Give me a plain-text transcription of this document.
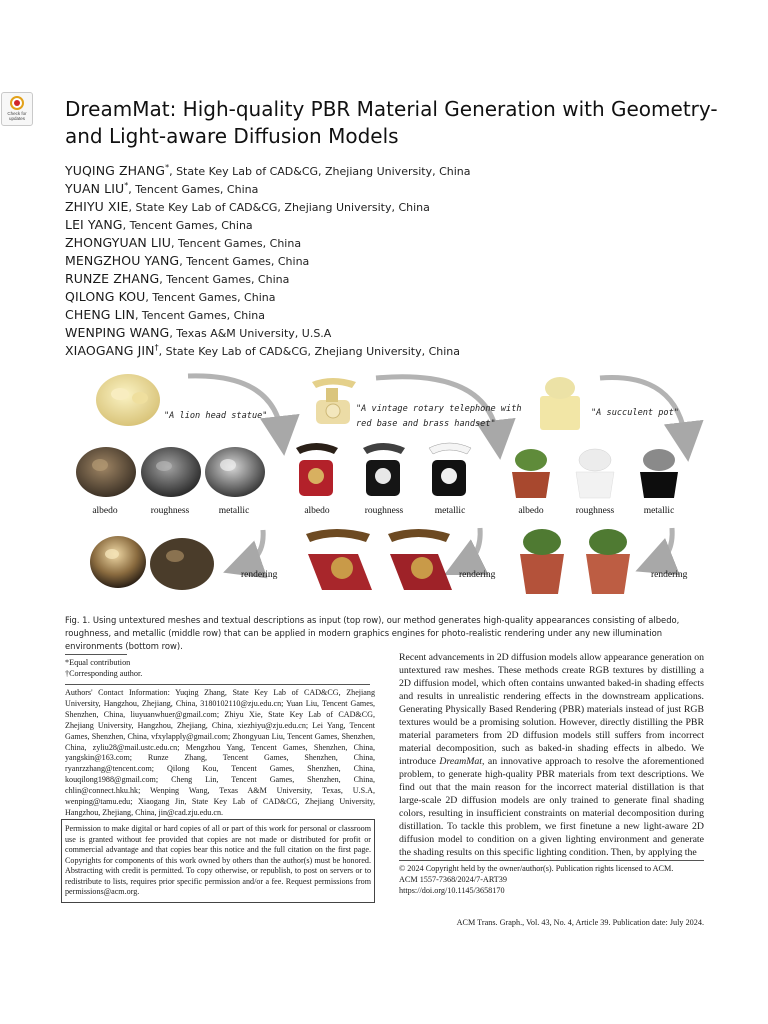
Check for
updates DreamMat: High-quality PBR Material Generation with Geometry- and Light-aware Diffusion Models
YUQING ZHANG*, State Key Lab of CAD&CG, Zhejiang University, China
YUAN LIU*, Tencent Games, China
ZHIYU XIE, State Key Lab of CAD&CG, Zhejiang University, China
LEI YANG, Tencent Games, China
ZHONGYUAN LIU, Tencent Games, China
MENGZHOU YANG, Tencent Games, China
RUNZE ZHANG, Tencent Games, China
QILONG KOU, Tencent Games, China
CHENG LIN, Tencent Games, China
WENPING WANG, Texas A&M University, U.S.A
XIAOGANG JIN†, State Key Lab of CAD&CG, Zhejiang University, China
"A lion head statue"
"A vintage rotary telephone with
red base and brass handset"
"A succulent pot"
albedo	roughness	metallic	albedo	roughness	metallic	albedo	roughness	metallic
rendering	rendering	rendering

Fig. 1. Using untextured meshes and textual descriptions as input (top row), our method generates high-quality appearances consisting of albedo, roughness, and metallic (middle row) that can be applied in modern graphics engines for photo-realistic rendering under any new illumination environments (bottom row).

*Equal contribution
†Corresponding author.

Authors' Contact Information: Yuqing Zhang, State Key Lab of CAD&CG, Zhejiang University, Hangzhou, Zhejiang, China, 3180102110@zju.edu.cn; Yuan Liu, Tencent Games, Shenzhen, China, liuyuanwhuer@gmail.com; Zhiyu Xie, State Key Lab of CAD&CG, Zhejiang University, Hangzhou, Zhejiang, China, xiezhiyu@zju.edu.cn; Lei Yang, Tencent Games, Shenzhen, China, vfxylapply@gmail.com; Zhongyuan Liu, Tencent Games, Shenzhen, China, zyliu28@mail.ustc.edu.cn; Mengzhou Yang, Tencent Games, Shenzhen, China, yangskin@163.com; Runze Zhang, Tencent Games, Shenzhen, China, ryanrzzhang@tencent.com; Qilong Kou, Tencent Games, Shenzhen, China, kouqilong1988@gmail.com; Cheng Lin, Tencent Games, Shenzhen, China, chlin@connect.hku.hk; Wenping Wang, Texas A&M University, Texas, U.S.A, wenping@tamu.edu; Xiaogang Jin, State Key Lab of CAD&CG, Zhejiang University, Hangzhou, Zhejiang, China, jin@cad.zju.edu.cn.

Permission to make digital or hard copies of all or part of this work for personal or classroom use is granted without fee provided that copies are not made or distributed for profit or commercial advantage and that copies bear this notice and the full citation on the first page. Copyrights for components of this work owned by others than the author(s) must be honored. Abstracting with credit is permitted. To copy otherwise, or republish, to post on servers or to redistribute to lists, requires prior specific permission and/or a fee. Request permissions from permissions@acm.org.

Recent advancements in 2D diffusion models allow appearance generation on untextured raw meshes. These methods create RGB textures by distilling a 2D diffusion model, which often contains unwanted baked-in shading effects and results in unrealistic rendering effects in the downstream applications. Generating Physically Based Rendering (PBR) materials instead of just RGB textures would be a promising solution. However, directly distilling the PBR material parameters from 2D diffusion models still suffers from incorrect material decomposition, such as baked-in shading effects in albedo. We introduce DreamMat, an innovative approach to resolve the aforementioned problem, to generate high-quality PBR materials from text descriptions. We find out that the main reason for the incorrect material distillation is that large-scale 2D diffusion models are only trained to generate final shading colors, resulting in insufficient constraints on material decomposition during distillation. To tackle this problem, we first finetune a new light-aware 2D diffusion model to condition on a given lighting environment and generate the shading results on this specific lighting condition. Then, by applying the

© 2024 Copyright held by the owner/author(s). Publication rights licensed to ACM.
ACM 1557-7368/2024/7-ART39
https://doi.org/10.1145/3658170
ACM Trans. Graph., Vol. 43, No. 4, Article 39. Publication date: July 2024.
